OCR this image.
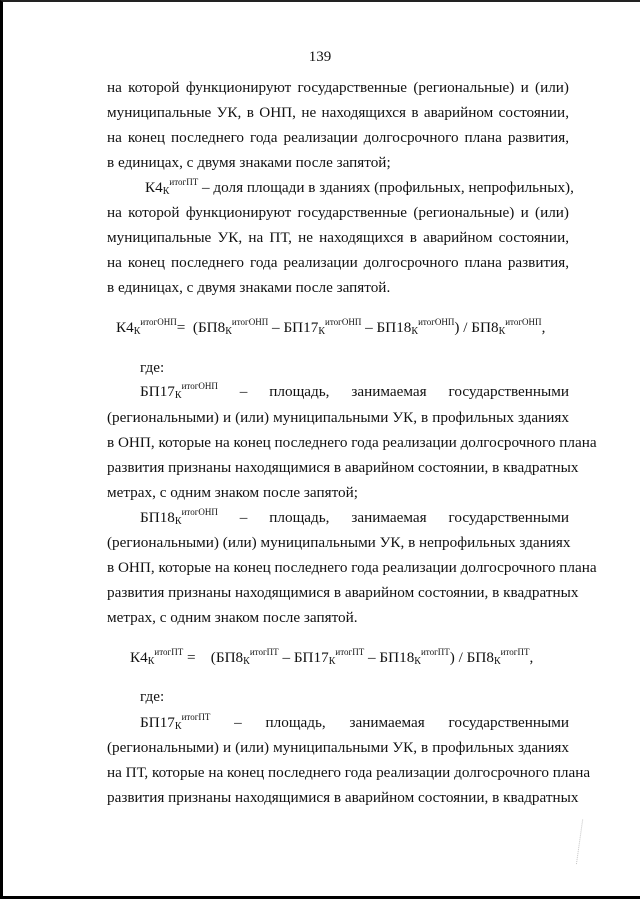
139
на которой функционируют государственные (региональные) и (или)
муниципальные УК, в ОНП, не находящихся в аварийном состоянии,
на конец последнего года реализации долгосрочного плана развития,
в единицах, с двумя знаками после запятой;
$К4_К^{итогПТ}$ – доля площади в зданиях (профильных, непрофильных),
на которой функционируют государственные (региональные) и (или)
муниципальные УК, на ПТ, не находящихся в аварийном состоянии,
на конец последнего года реализации долгосрочного плана развития,
в единицах, с двумя знаками после запятой.
$К4_К^{итогОНП}= (БП8_К^{итогОНП} - БП17_К^{итогОНП} - БП18_К^{итогОНП}) / БП8_К^{итогОНП}$,
где:
$БП17_К^{итогОНП}$ – площадь, занимаемая государственными
(региональными) и (или) муниципальными УК, в профильных зданиях
в ОНП, которые на конец последнего года реализации долгосрочного плана
развития признаны находящимися в аварийном состоянии, в квадратных
метрах, с одним знаком после запятой;
$БП18_К^{итогОНП}$ – площадь, занимаемая государственными
(региональными) (или) муниципальными УК, в непрофильных зданиях
в ОНП, которые на конец последнего года реализации долгосрочного плана
развития признаны находящимися в аварийном состоянии, в квадратных
метрах, с одним знаком после запятой.
$К4_К^{итогПТ} = (БП8_К^{итогПТ} - БП17_К^{итогПТ} - БП18_К^{итогПТ}) / БП8_К^{итогПТ}$,
где:
$БП17_К^{итогПТ}$ – площадь, занимаемая государственными
(региональными) и (или) муниципальными УК, в профильных зданиях
на ПТ, которые на конец последнего года реализации долгосрочного плана
развития признаны находящимися в аварийном состоянии, в квадратных
